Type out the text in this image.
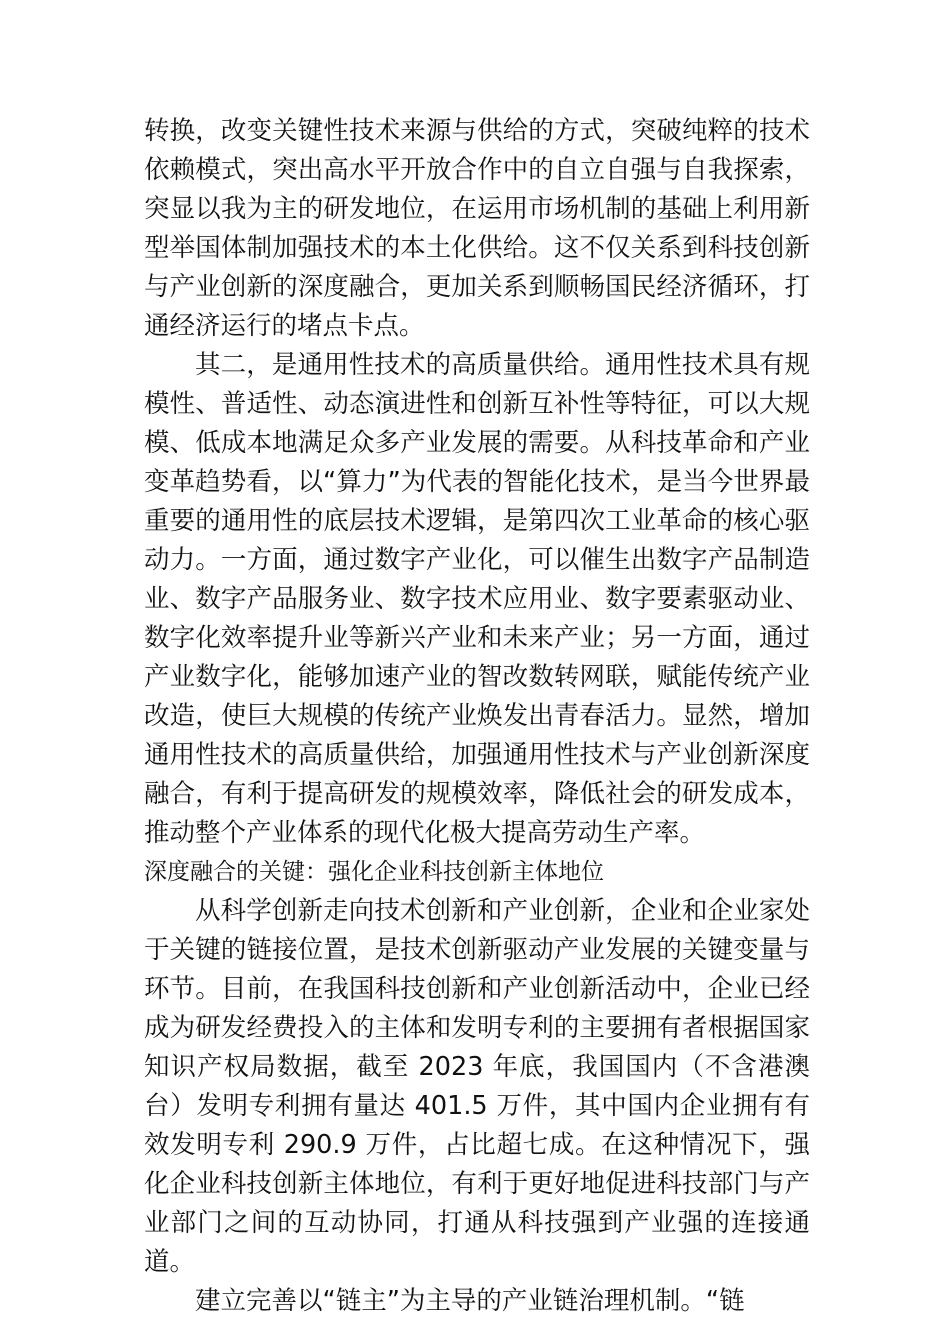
转换，改变关键性技术来源与供给的方式，突破纯粹的技术依赖模式，突出高水平开放合作中的自立自强与自我探索，突显以我为主的研发地位，在运用市场机制的基础上利用新型举国体制加强技术的本土化供给。这不仅关系到科技创新与产业创新的深度融合，更加关系到顺畅国民经济循环，打通经济运行的堵点卡点。

其二，是通用性技术的高质量供给。通用性技术具有规模性、普适性、动态演进性和创新互补性等特征，可以大规模、低成本地满足众多产业发展的需要。从科技革命和产业变革趋势看，以“算力”为代表的智能化技术，是当今世界最重要的通用性的底层技术逻辑，是第四次工业革命的核心驱动力。一方面，通过数字产业化，可以催生出数字产品制造业、数字产品服务业、数字技术应用业、数字要素驱动业、数字化效率提升业等新兴产业和未来产业；另一方面，通过产业数字化，能够加速产业的智改数转网联，赋能传统产业改造，使巨大规模的传统产业焕发出青春活力。显然，增加通用性技术的高质量供给，加强通用性技术与产业创新深度融合，有利于提高研发的规模效率，降低社会的研发成本，推动整个产业体系的现代化极大提高劳动生产率。

深度融合的关键：强化企业科技创新主体地位

从科学创新走向技术创新和产业创新，企业和企业家处于关键的链接位置，是技术创新驱动产业发展的关键变量与环节。目前，在我国科技创新和产业创新活动中，企业已经成为研发经费投入的主体和发明专利的主要拥有者根据国家知识产权局数据，截至 2023 年底，我国国内（不含港澳台）发明专利拥有量达 401.5 万件，其中国内企业拥有有效发明专利 290.9 万件，占比超七成。在这种情况下，强化企业科技创新主体地位，有利于更好地促进科技部门与产业部门之间的互动协同，打通从科技强到产业强的连接通道。

建立完善以“链主”为主导的产业链治理机制。“链
